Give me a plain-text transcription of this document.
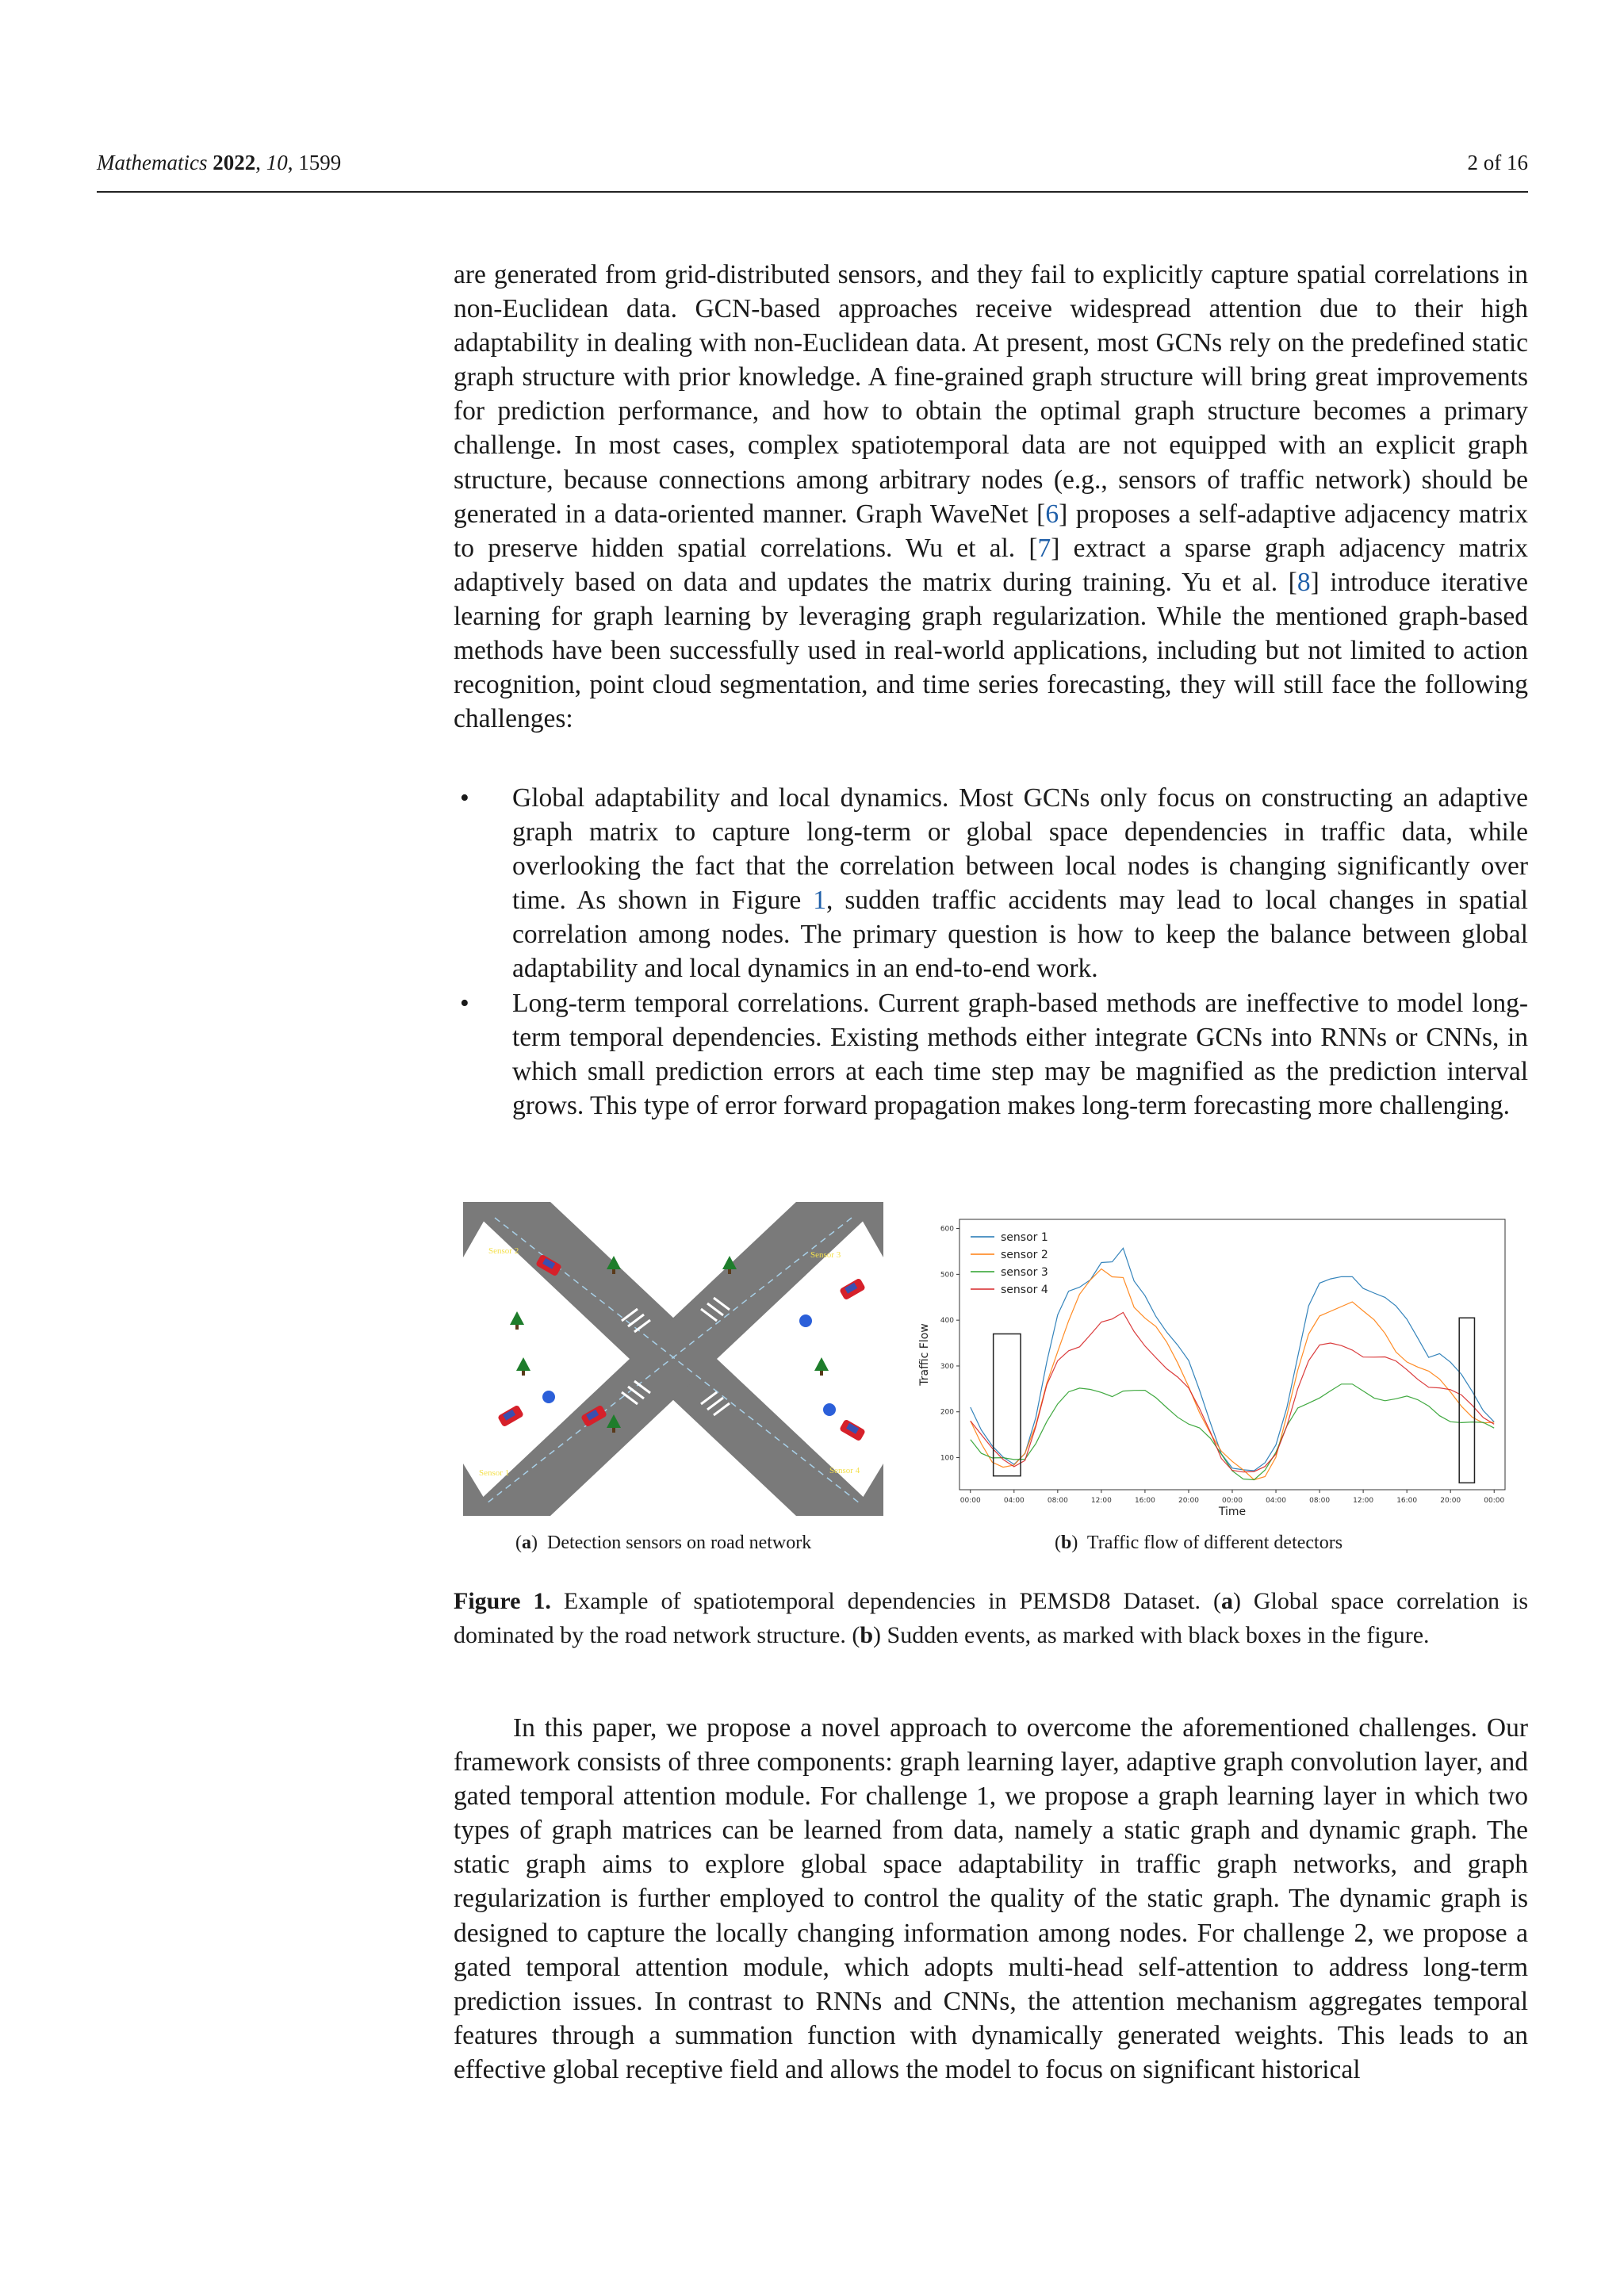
Mathematics 2022, 10, 1599	2 of 16

are generated from grid-distributed sensors, and they fail to explicitly capture spatial correlations in non-Euclidean data. GCN-based approaches receive widespread attention due to their high adaptability in dealing with non-Euclidean data. At present, most GCNs rely on the predefined static graph structure with prior knowledge. A fine-grained graph structure will bring great improvements for prediction performance, and how to obtain the optimal graph structure becomes a primary challenge. In most cases, complex spatiotemporal data are not equipped with an explicit graph structure, because connections among arbitrary nodes (e.g., sensors of traffic network) should be generated in a data-oriented manner. Graph WaveNet [6] proposes a self-adaptive adjacency matrix to preserve hidden spatial correlations. Wu et al. [7] extract a sparse graph adjacency matrix adaptively based on data and updates the matrix during training. Yu et al. [8] introduce iterative learning for graph learning by leveraging graph regularization. While the mentioned graph-based methods have been successfully used in real-world applications, including but not limited to action recognition, point cloud segmentation, and time series forecasting, they will still face the following challenges:

• Global adaptability and local dynamics. Most GCNs only focus on constructing an adaptive graph matrix to capture long-term or global space dependencies in traffic data, while overlooking the fact that the correlation between local nodes is changing significantly over time. As shown in Figure 1, sudden traffic accidents may lead to local changes in spatial correlation among nodes. The primary question is how to keep the balance between global adaptability and local dynamics in an end-to-end work.
• Long-term temporal correlations. Current graph-based methods are ineffective to model long-term temporal dependencies. Existing methods either integrate GCNs into RNNs or CNNs, in which small prediction errors at each time step may be magnified as the prediction interval grows. This type of error forward propagation makes long-term forecasting more challenging.
Sensor 1
Sensor 2	Sensor 3
Sensor 4
(a)  Detection sensors on road network
100
200
300
400
500
600
00:00	04:00	08:00	12:00	16:00	20:00	00:00	04:00	08:00	12:00	16:00	20:00	00:00
Time
Traffic Flow
sensor 1
sensor 2
sensor 3
sensor 4
(b)  Traffic flow of different detectors
Figure 1. Example of spatiotemporal dependencies in PEMSD8 Dataset. (a) Global space correlation is dominated by the road network structure. (b) Sudden events, as marked with black boxes in the figure.

In this paper, we propose a novel approach to overcome the aforementioned challenges. Our framework consists of three components: graph learning layer, adaptive graph convolution layer, and gated temporal attention module. For challenge 1, we propose a graph learning layer in which two types of graph matrices can be learned from data, namely a static graph and dynamic graph. The static graph aims to explore global space adaptability in traffic graph networks, and graph regularization is further employed to control the quality of the static graph. The dynamic graph is designed to capture the locally changing information among nodes. For challenge 2, we propose a gated temporal attention module, which adopts multi-head self-attention to address long-term prediction issues. In contrast to RNNs and CNNs, the attention mechanism aggregates temporal features through a summation function with dynamically generated weights. This leads to an effective global receptive field and allows the model to focus on significant historical
